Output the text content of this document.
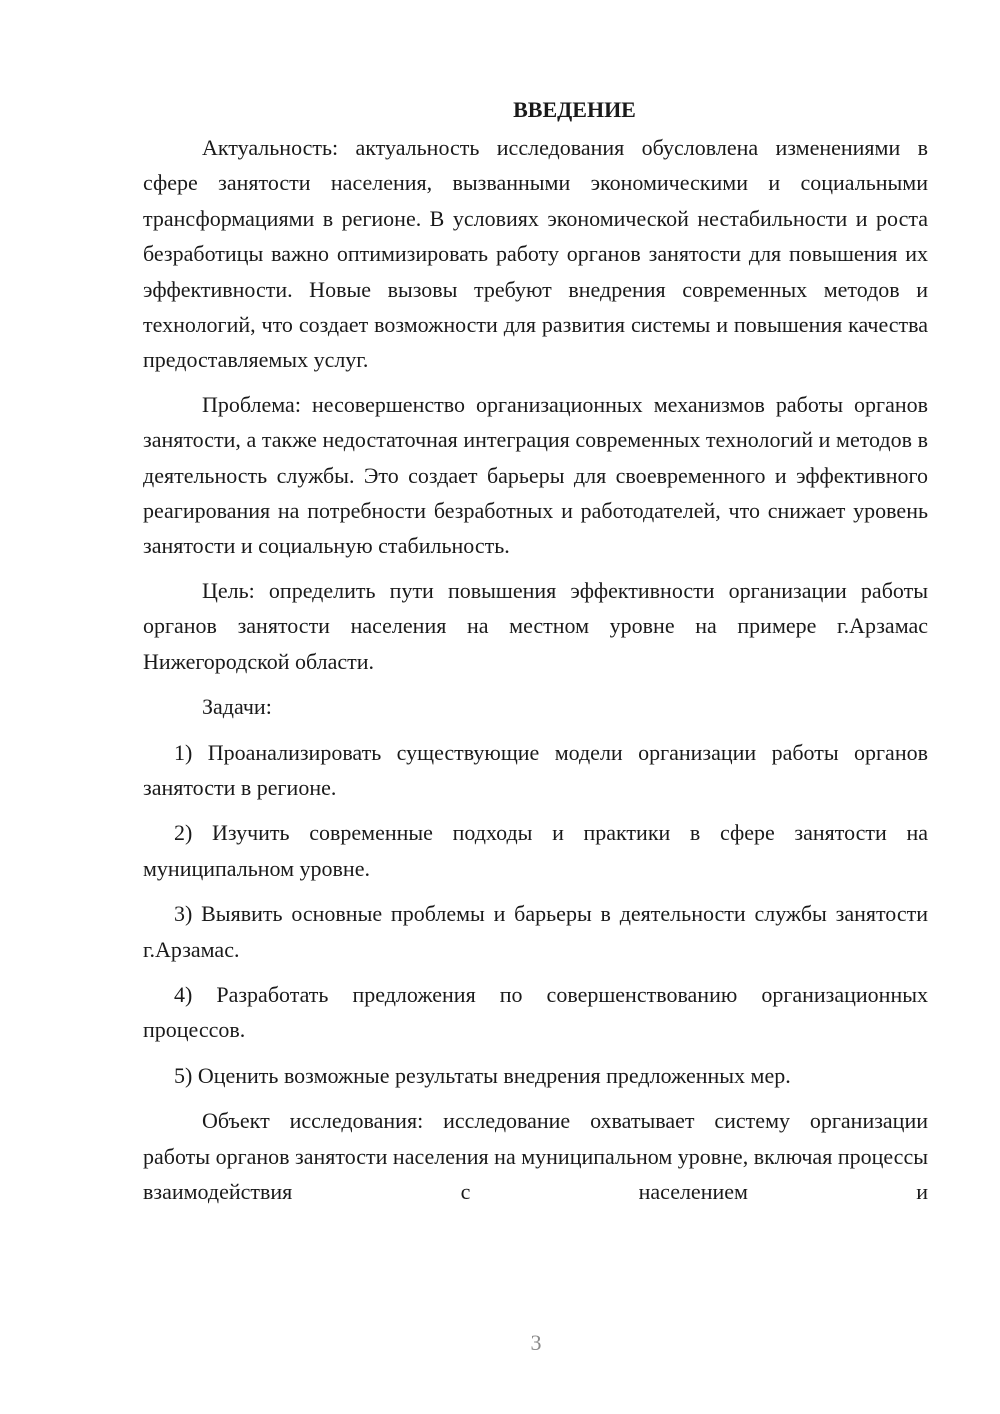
ВВЕДЕНИЕ

Актуальность: актуальность исследования обусловлена изменениями в сфере занятости населения, вызванными экономическими и социальными трансформациями в регионе. В условиях экономической нестабильности и роста безработицы важно оптимизировать работу органов занятости для повышения их эффективности. Новые вызовы требуют внедрения современных методов и технологий, что создает возможности для развития системы и повышения качества предоставляемых услуг.

Проблема: несовершенство организационных механизмов работы органов занятости, а также недостаточная интеграция современных технологий и методов в деятельность службы. Это создает барьеры для своевременного и эффективного реагирования на потребности безработных и работодателей, что снижает уровень занятости и социальную стабильность.

Цель: определить пути повышения эффективности организации работы органов занятости населения на местном уровне на примере г.Арзамас Нижегородской области.

Задачи:

1) Проанализировать существующие модели организации работы органов занятости в регионе.

2) Изучить современные подходы и практики в сфере занятости на муниципальном уровне.

3) Выявить основные проблемы и барьеры в деятельности службы занятости г.Арзамас.

4) Разработать предложения по совершенствованию организационных процессов.

5) Оценить возможные результаты внедрения предложенных мер.

Объект исследования: исследование охватывает систему организации работы органов занятости населения на муниципальном уровне, включая процессы взаимодействия с населением и

3
